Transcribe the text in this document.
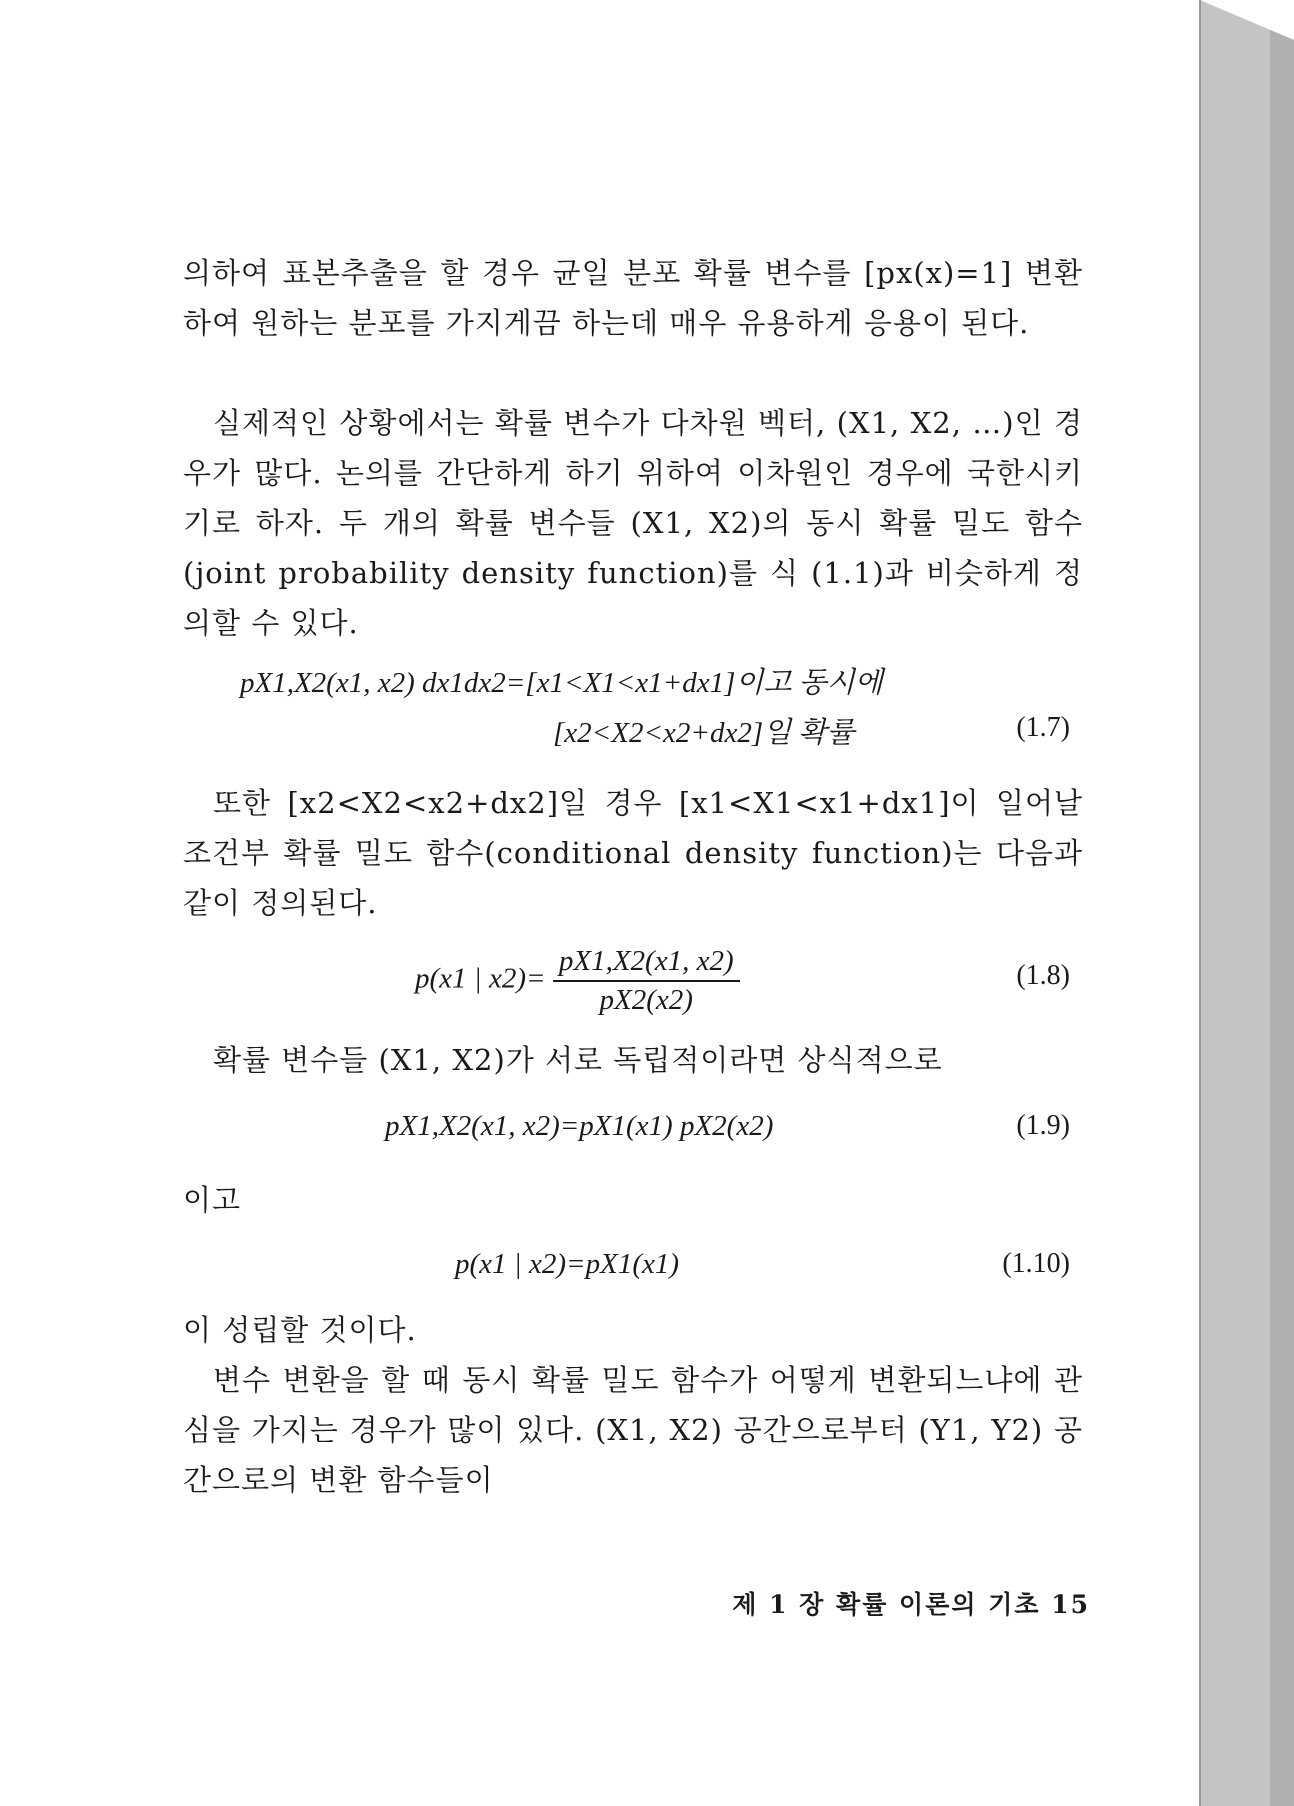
의하여 표본추출을 할 경우 균일 분포 확률 변수를 [px(x)=1] 변환하여 원하는 분포를 가지게끔 하는데 매우 유용하게 응용이 된다.

실제적인 상황에서는 확률 변수가 다차원 벡터, (X1, X2, …)인 경우가 많다. 논의를 간단하게 하기 위하여 이차원인 경우에 국한시키기로 하자. 두 개의 확률 변수들 (X1, X2)의 동시 확률 밀도 함수(joint probability density function)를 식 (1.1)과 비슷하게 정의할 수 있다.

pX1,X2(x1, x2) dx1dx2=[x1<X1<x1+dx1]이고 동시에
[x2<X2<x2+dx2]일 확률	(1.7)

또한 [x2<X2<x2+dx2]일 경우 [x1<X1<x1+dx1]이 일어날 조건부 확률 밀도 함수(conditional density function)는 다음과 같이 정의된다.

p(x1 | $x2)= \frac{pX1,X2(x1, x2)}{pX2(x2)}$	(1.8)

확률 변수들 (X1, X2)가 서로 독립적이라면 상식적으로

pX1,X2(x1, x2)=pX1(x1) pX2(x2)	(1.9)

이고

p(x1 | x2)=pX1(x1)	(1.10)

이 성립할 것이다.

변수 변환을 할 때 동시 확률 밀도 함수가 어떻게 변환되느냐에 관심을 가지는 경우가 많이 있다. (X1, X2) 공간으로부터 (Y1, Y2) 공간으로의 변환 함수들이

제 1 장 확률 이론의 기초 15
